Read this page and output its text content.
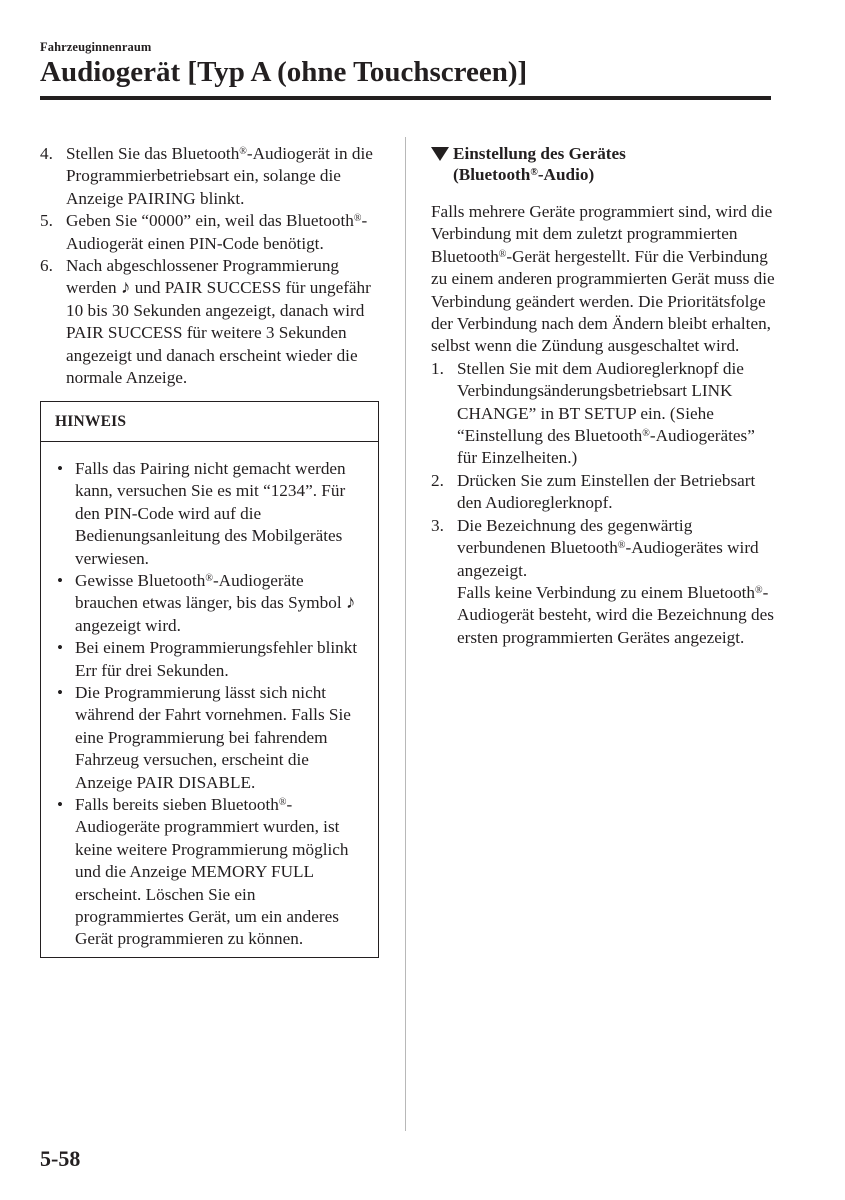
Fahrzeuginnenraum
Audiogerät [Typ A (ohne Touchscreen)]
4. Stellen Sie das Bluetooth®-Audiogerät in die Programmierbetriebsart ein, solange die Anzeige PAIRING blinkt.
5. Geben Sie “0000” ein, weil das Bluetooth®-Audiogerät einen PIN-Code benötigt.
6. Nach abgeschlossener Programmierung werden ♪ und PAIR SUCCESS für ungefähr 10 bis 30 Sekunden angezeigt, danach wird PAIR SUCCESS für weitere 3 Sekunden angezeigt und danach erscheint wieder die normale Anzeige.
HINWEIS
• Falls das Pairing nicht gemacht werden kann, versuchen Sie es mit “1234”. Für den PIN-Code wird auf die Bedienungsanleitung des Mobilgerätes verwiesen.
• Gewisse Bluetooth®-Audiogeräte brauchen etwas länger, bis das Symbol ♪ angezeigt wird.
• Bei einem Programmierungsfehler blinkt Err für drei Sekunden.
• Die Programmierung lässt sich nicht während der Fahrt vornehmen. Falls Sie eine Programmierung bei fahrendem Fahrzeug versuchen, erscheint die Anzeige PAIR DISABLE.
• Falls bereits sieben Bluetooth®-Audiogeräte programmiert wurden, ist keine weitere Programmierung möglich und die Anzeige MEMORY FULL erscheint. Löschen Sie ein programmiertes Gerät, um ein anderes Gerät programmieren zu können.
Einstellung des Gerätes
(Bluetooth®-Audio)

Falls mehrere Geräte programmiert sind, wird die Verbindung mit dem zuletzt programmierten Bluetooth®-Gerät hergestellt. Für die Verbindung zu einem anderen programmierten Gerät muss die Verbindung geändert werden. Die Prioritätsfolge der Verbindung nach dem Ändern bleibt erhalten, selbst wenn die Zündung ausgeschaltet wird.

1. Stellen Sie mit dem Audioreglerknopf die Verbindungsänderungsbetriebsart LINK CHANGE” in BT SETUP ein. (Siehe “Einstellung des Bluetooth®-Audiogerätes” für Einzelheiten.)
2. Drücken Sie zum Einstellen der Betriebsart den Audioreglerknopf.
3. Die Bezeichnung des gegenwärtig verbundenen Bluetooth®-Audiogerätes wird angezeigt.
Falls keine Verbindung zu einem Bluetooth®-Audiogerät besteht, wird die Bezeichnung des ersten programmierten Gerätes angezeigt.
5-58
